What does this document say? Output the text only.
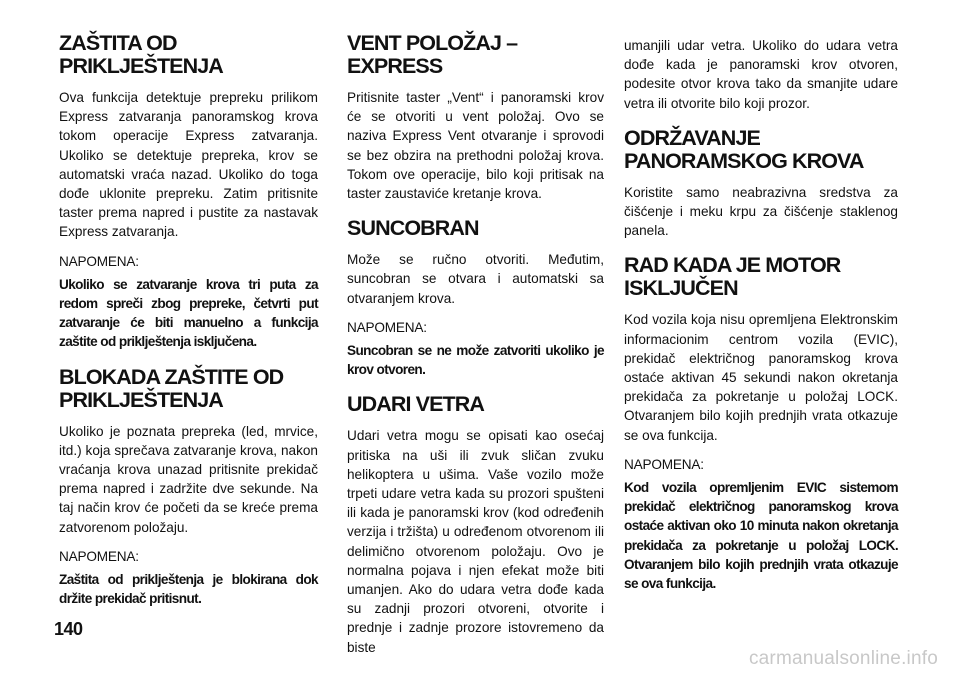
ZAŠTITA OD PRIKLJEŠTENJA

Ova funkcija detektuje prepreku prilikom Express zatvaranja panoramskog krova tokom operacije Express zatvaranja. Ukoliko se detektuje prepreka, krov se automatski vraća nazad. Ukoliko do toga dođe uklonite prepreku. Zatim pritisnite taster prema napred i pustite za nastavak Express zatvaranja.

NAPOMENA:

Ukoliko se zatvaranje krova tri puta za redom spreči zbog prepreke, četvrti put zatvaranje će biti manuelno a funkcija zaštite od priklještenja isključena.

BLOKADA ZAŠTITE OD PRIKLJEŠTENJA

Ukoliko je poznata prepreka (led, mrvice, itd.) koja sprečava zatvaranje krova, nakon vraćanja krova unazad pritisnite prekidač prema napred i zadržite dve sekunde. Na taj način krov će početi da se kreće prema zatvorenom položaju.

NAPOMENA:

Zaštita od priklještenja je blokirana dok držite prekidač pritisnut.

VENT POLOŽAJ – EXPRESS

Pritisnite taster „Vent“ i panoramski krov će se otvoriti u vent položaj. Ovo se naziva Express Vent otvaranje i sprovodi se bez obzira na prethodni položaj krova. Tokom ove operacije, bilo koji pritisak na taster zaustaviće kretanje krova.

SUNCOBRAN

Može se ručno otvoriti. Međutim, suncobran se otvara i automatski sa otvaranjem krova.

NAPOMENA:

Suncobran se ne može zatvoriti ukoliko je krov otvoren.

UDARI VETRA

Udari vetra mogu se opisati kao osećaj pritiska na uši ili zvuk sličan zvuku helikoptera u ušima. Vaše vozilo može trpeti udare vetra kada su prozori spušteni ili kada je panoramski krov (kod određenih verzija i tržišta) u određenom otvorenom ili delimično otvorenom položaju. Ovo je normalna pojava i njen efekat može biti umanjen. Ako do udara vetra dođe kada su zadnji prozori otvoreni, otvorite i prednje i zadnje prozore istovremeno da biste

umanjili udar vetra. Ukoliko do udara vetra dođe kada je panoramski krov otvoren, podesite otvor krova tako da smanjite udare vetra ili otvorite bilo koji prozor.

ODRŽAVANJE PANORAMSKOG KROVA

Koristite samo neabrazivna sredstva za čišćenje i meku krpu za čišćenje staklenog panela.

RAD KADA JE MOTOR ISKLJUČEN

Kod vozila koja nisu opremljena Elektronskim informacionim centrom vozila (EVIC), prekidač električnog panoramskog krova ostaće aktivan 45 sekundi nakon okretanja prekidača za pokretanje u položaj LOCK. Otvaranjem bilo kojih prednjih vrata otkazuje se ova funkcija.

NAPOMENA:

Kod vozila opremljenim EVIC sistemom prekidač električnog panoramskog krova ostaće aktivan oko 10 minuta nakon okretanja prekidača za pokretanje u položaj LOCK. Otvaranjem bilo kojih prednjih vrata otkazuje se ova funkcija.

140
carmanualsonline.info
